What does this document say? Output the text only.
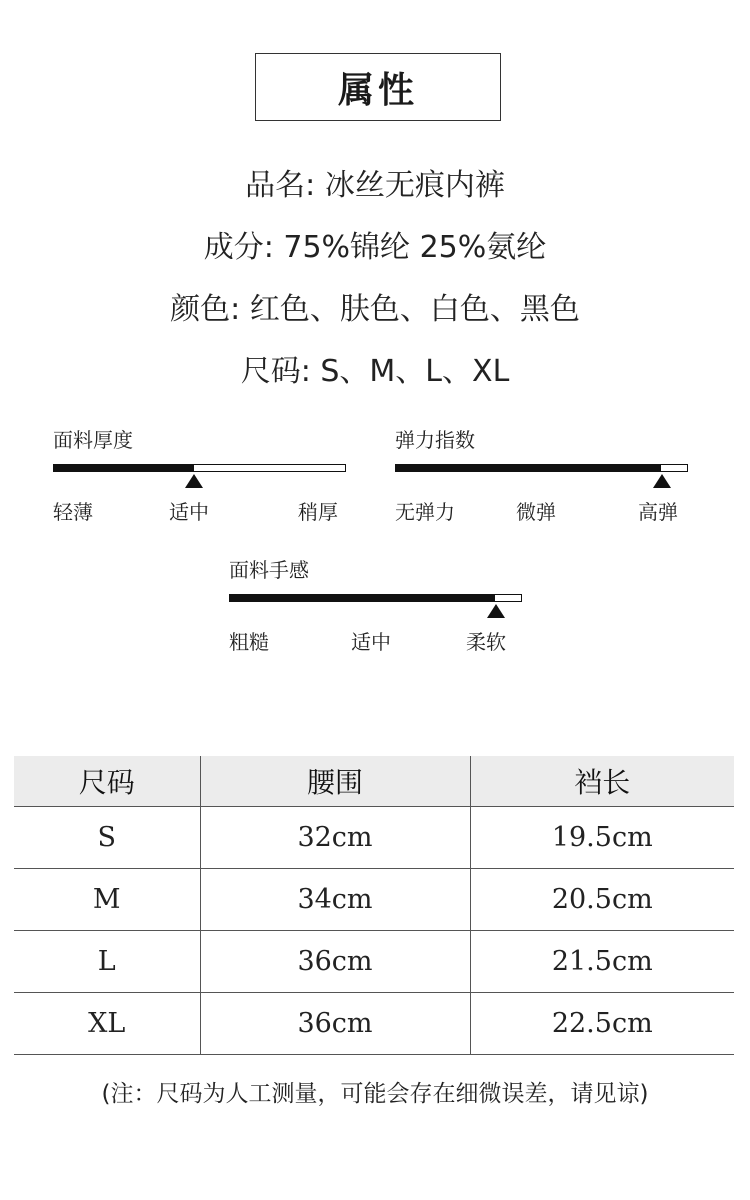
属性
品名: 冰丝无痕内裤
成分: 75%锦纶 25%氨纶
颜色: 红色、肤色、白色、黑色
尺码: S、M、L、XL
面料厚度
轻薄	适中	稍厚
弹力指数
无弹力	微弹	高弹
面料手感
粗糙	适中	柔软
尺码	腰围	裆长
S	32cm	19.5cm
M	34cm	20.5cm
L	36cm	21.5cm
XL	36cm	22.5cm
(注：尺码为人工测量，可能会存在细微误差，请见谅)
